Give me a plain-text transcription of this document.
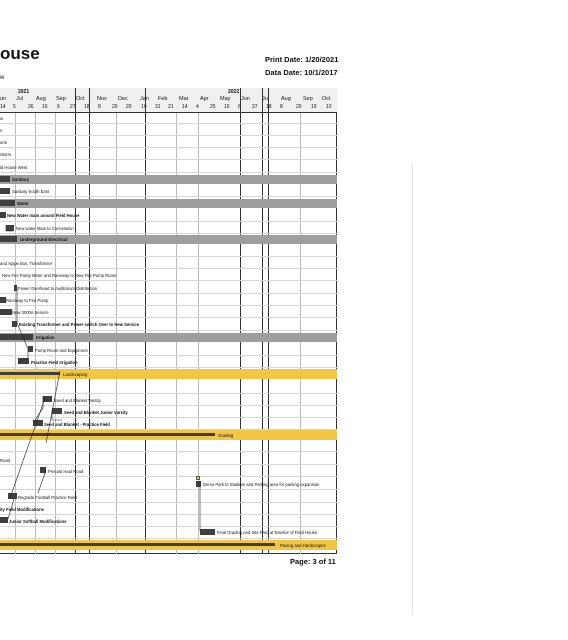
ouse
w
Print Date: 1/20/2021
Data Date: 10/1/2017
2021	2022
un Jul Aug Sep Oct Nov Dec Jan Feb Mar Apr May Jun Jul Aug Sep Oct
14 5 26 16 6 27 18 8 29 20 10 31 21 14 4 25 16 6 27 18 8	29 19 10
w
n
orm
Storm
ld House West
Sanitary
Sanitary South East
Water
New Water main around Field House
New water Main to Concession
Underground Electrical
and Xpipe Bus, Transformer
New Fire Pump Meter and Raceway to New Fire Pump Room
Power Overhead to Auditorium Distribution
Raceway to Fire Pump
New 3000A Service
Existing Transformer and Power switch Over to New Service
Irrigation
Pump Room and Equipment
Practice Field Irrigation
Landscaping
Seed and Blanket Varsity
Seed and Blanket Junior Varsity
Seed and Blanket - Practice Field
Grading
Road
Precast Haul Road
Demo Park to Stadium and Parking area for parking expansion
Regrade Football Practice Field
ity Field Modifications
Junior Softball Modifications
Final Grading and Site Prep at Exterior of Field House
Paving and Hardscapes
Page: 3 of 11
